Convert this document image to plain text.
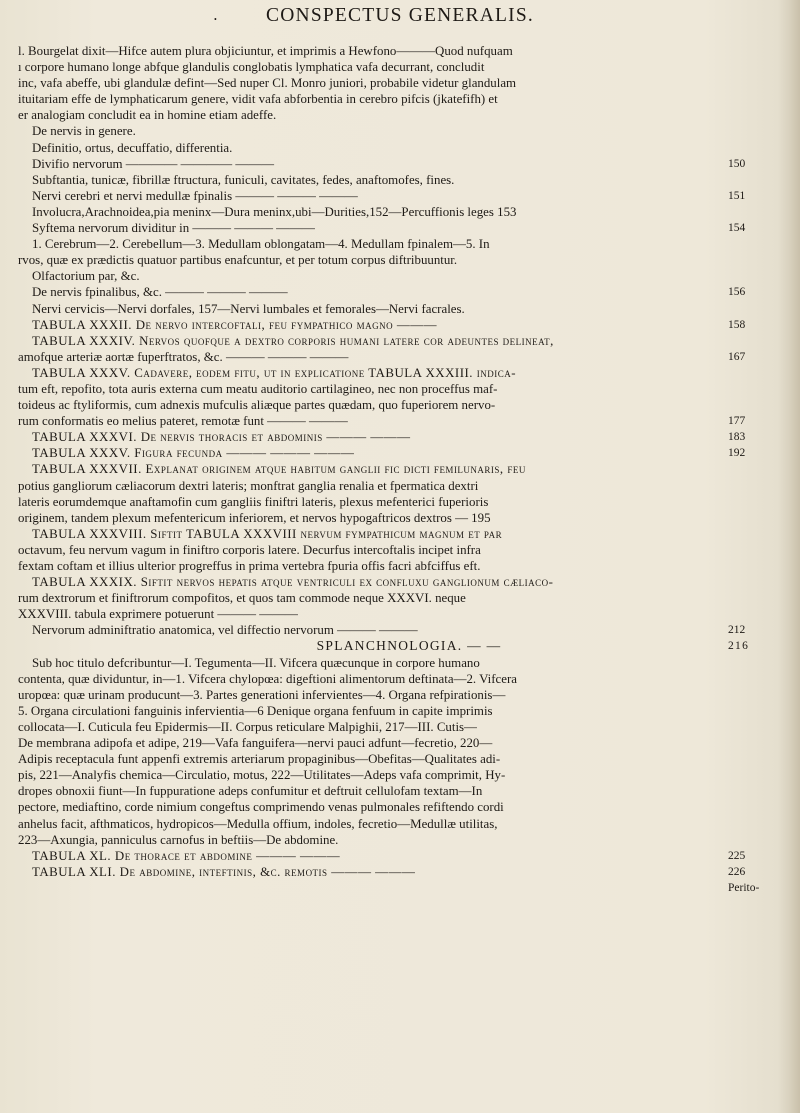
• CONSPECTUS GENERALIS.
l. Bourgelat dixit—Hifce autem plura objiciuntur, et imprimis a Hewfono———Quod nufquam
ı corpore humano longe abfque glandulis conglobatis lymphatica vafa decurrant, concludit
inc, vafa abeffe, ubi glandulæ defint—Sed nuper Cl. Monro juniori, probabile videtur glandulam
ituitariam effe de lymphaticarum genere, vidit vafa abforbentia in cerebro pifcis (jkatefifh) et
er analogiam concludit ea in homine etiam adeffe.
De nervis in genere.
Definitio, ortus, decuffatio, differentia.
Divifio nervorum ———— ———— ———	150
Subftantia, tunicæ, fibrillæ ftructura, funiculi, cavitates, fedes, anaftomofes, fines.
Nervi cerebri et nervi medullæ fpinalis ——— ——— ———	151
Involucra,Arachnoidea,pia meninx—Dura meninx,ubi—Durities,152—Percuffionis leges 153
Syftema nervorum dividitur in ——— ——— ———	154
1. Cerebrum—2. Cerebellum—3. Medullam oblongatam—4. Medullam fpinalem—5. In
rvos, quæ ex prædictis quatuor partibus enafcuntur, et per totum corpus diftribuuntur.
Olfactorium par, &c.
De nervis fpinalibus, &c. ——— ——— ———	156
Nervi cervicis—Nervi dorfales, 157—Nervi lumbales et femorales—Nervi facrales.
TABULA XXXII. De nervo intercoftali, feu fympathico magno ———	158
TABULA XXXIV. Nervos quofque a dextro corporis humani latere cor adeuntes delineat,
amofque arteriæ aortæ fuperftratos, &c. ——— ——— ———	167
TABULA XXXV. Cadavere, eodem fitu, ut in explicatione TABULA XXXIII. indica-
tum eft, repofito, tota auris externa cum meatu auditorio cartilagineo, nec non proceffus maf-
toideus ac ftyliformis, cum adnexis mufculis aliæque partes quædam, quo fuperiorem nervo-
rum conformatis eo melius pateret, remotæ funt ——— ———	177
TABULA XXXVI. De nervis thoracis et abdominis ——— ———	183
TABULA XXXV. Figura fecunda ——— ——— ———	192
TABULA XXXVII. Explanat originem atque habitum ganglii fic dicti femilunaris, feu
potius gangliorum cæliacorum dextri lateris; monftrat ganglia renalia et fpermatica dextri
lateris eorumdemque anaftamofin cum gangliis finiftri lateris, plexus mefenterici fuperioris
originem, tandem plexum mefentericum inferiorem, et nervos hypogaftricos dextros — 195
TABULA XXXVIII. Siftit TABULA XXXVIII nervum fympathicum magnum et par
octavum, feu nervum vagum in finiftro corporis latere. Decurfus intercoftalis incipet infra
fextam coftam et illius ulterior progreffus in prima vertebra fpuria offis facri abfciffus eft.
TABULA XXXIX. Siftit nervos hepatis atque ventriculi ex confluxu ganglionum cæliaco-
rum dextrorum et finiftrorum compofitos, et quos tam commode neque XXXVI. neque
XXXVIII. tabula exprimere potuerunt ——— ———
Nervorum adminiftratio anatomica, vel diffectio nervorum ——— ———	212
SPLANCHNOLOGIA. — —	216
Sub hoc titulo defcribuntur—I. Tegumenta—II. Vifcera quæcunque in corpore humano
contenta, quæ dividuntur, in—1. Vifcera chylopœa: digeftioni alimentorum deftinata—2. Vifcera
uropœa: quæ urinam producunt—3. Partes generationi infervientes—4. Organa refpirationis—
5. Organa circulationi fanguinis infervientia—6 Denique organa fenfuum in capite imprimis
collocata—I. Cuticula feu Epidermis—II. Corpus reticulare Malpighii, 217—III. Cutis—
De membrana adipofa et adipe, 219—Vafa fanguifera—nervi pauci adfunt—fecretio, 220—
Adipis receptacula funt appenfi extremis arteriarum propaginibus—Obefitas—Qualitates adi-
pis, 221—Analyfis chemica—Circulatio, motus, 222—Utilitates—Adeps vafa comprimit, Hy-
dropes obnoxii fiunt—In fuppuratione adeps confumitur et deftruit cellulofam textam—In
pectore, mediaftino, corde nimium congeftus comprimendo venas pulmonales refiftendo cordi
anhelus facit, afthmaticos, hydropicos—Medulla offium, indoles, fecretio—Medullæ utilitas,
223—Axungia, panniculus carnofus in beftiis—De abdomine.
TABULA XL. De thorace et abdomine ——— ———	225
TABULA XLI. De abdomine, inteftinis, &c. remotis ——— ———	226
Perito-
